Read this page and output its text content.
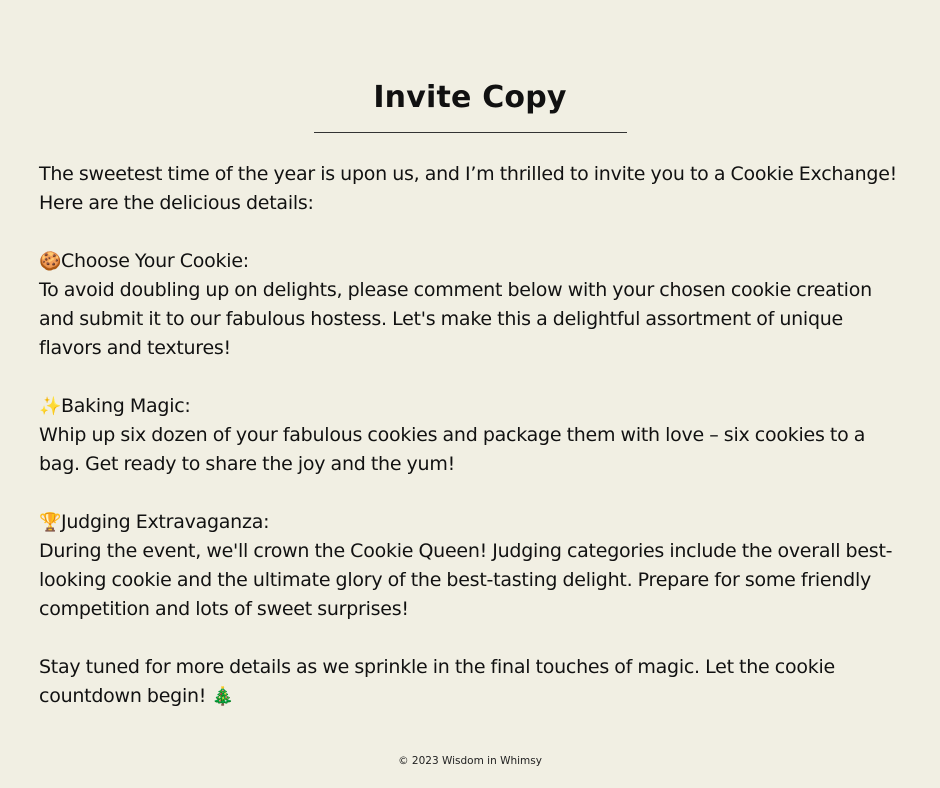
Invite Copy

The sweetest time of the year is upon us, and I’m thrilled to invite you to a Cookie Exchange! Here are the delicious details:

🍪Choose Your Cookie:
To avoid doubling up on delights, please comment below with your chosen cookie creation and submit it to our fabulous hostess. Let's make this a delightful assortment of unique flavors and textures!

✨Baking Magic:
Whip up six dozen of your fabulous cookies and package them with love – six cookies to a bag. Get ready to share the joy and the yum!

🏆Judging Extravaganza:
During the event, we'll crown the Cookie Queen! Judging categories include the overall best-looking cookie and the ultimate glory of the best-tasting delight. Prepare for some friendly competition and lots of sweet surprises!

Stay tuned for more details as we sprinkle in the final touches of magic. Let the cookie countdown begin! 🎄

© 2023 Wisdom in Whimsy
